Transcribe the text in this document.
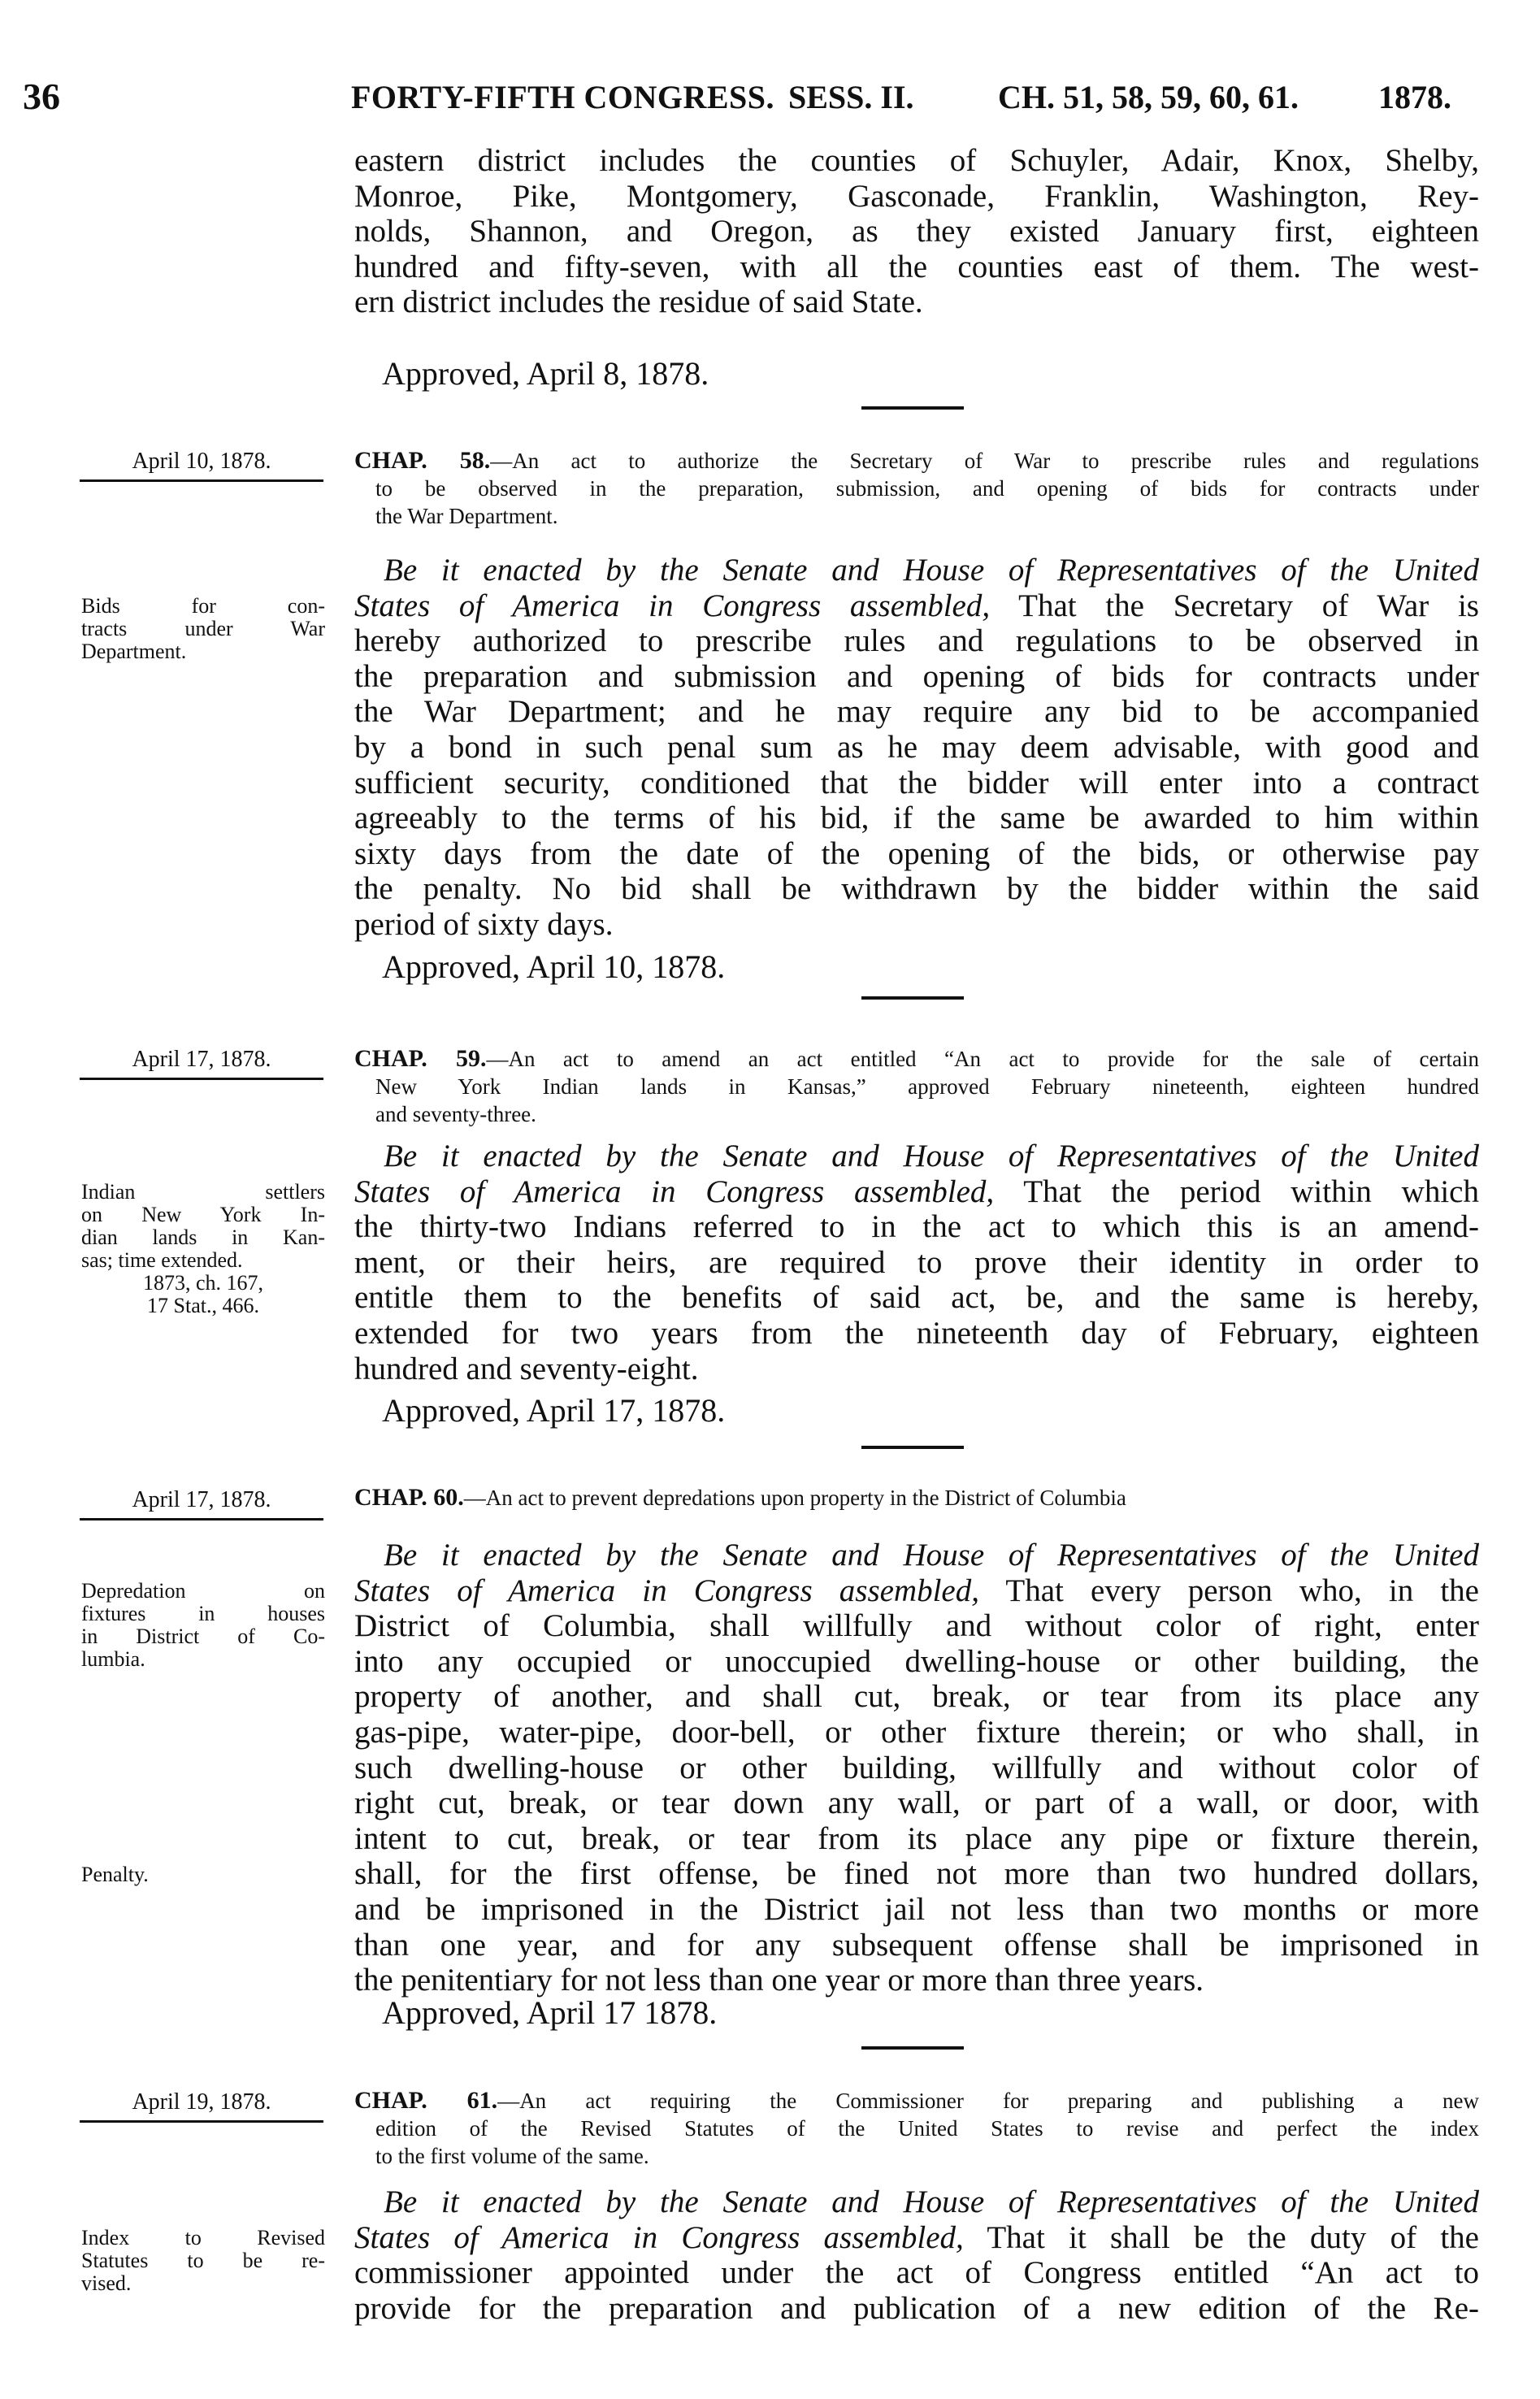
36	FORTY-FIFTH CONGRESS. SESS. II.	CH. 51, 58, 59, 60, 61. 1878.
eastern district includes the counties of Schuyler, Adair, Knox, Shelby,
Monroe, Pike, Montgomery, Gasconade, Franklin, Washington, Rey-
nolds, Shannon, and Oregon, as they existed January first, eighteen
hundred and fifty-seven, with all the counties east of them. The west-
ern district includes the residue of said State.
Approved, April 8, 1878.
April 10, 1878.	CHAP. 58.—An act to authorize the Secretary of War to prescribe rules and regulations
to be observed in the preparation, submission, and opening of bids for contracts under
the War Department.
Be it enacted by the Senate and House of Representatives of the United
States of America in Congress assembled, That the Secretary of War is
hereby authorized to prescribe rules and regulations to be observed in
the preparation and submission and opening of bids for contracts under
the War Department; and he may require any bid to be accompanied
by a bond in such penal sum as he may deem advisable, with good and
sufficient security, conditioned that the bidder will enter into a contract
agreeably to the terms of his bid, if the same be awarded to him within
sixty days from the date of the opening of the bids, or otherwise pay
the penalty. No bid shall be withdrawn by the bidder within the said
period of sixty days.
Bids for con-
tracts under War
Department.
Approved, April 10, 1878.
April 17, 1878.	CHAP. 59.—An act to amend an act entitled “An act to provide for the sale of certain
New York Indian lands in Kansas,” approved February nineteenth, eighteen hundred
and seventy-three.
Be it enacted by the Senate and House of Representatives of the United
States of America in Congress assembled, That the period within which
the thirty-two Indians referred to in the act to which this is an amend-
ment, or their heirs, are required to prove their identity in order to
entitle them to the benefits of said act, be, and the same is hereby,
extended for two years from the nineteenth day of February, eighteen
hundred and seventy-eight.
Indian settlers
on New York In-
dian lands in Kan-
sas; time extended.
1873, ch. 167,
17 Stat., 466.
Approved, April 17, 1878.
April 17, 1878.	CHAP. 60.—An act to prevent depredations upon property in the District of Columbia
Be it enacted by the Senate and House of Representatives of the United
States of America in Congress assembled, That every person who, in the
District of Columbia, shall willfully and without color of right, enter
into any occupied or unoccupied dwelling-house or other building, the
property of another, and shall cut, break, or tear from its place any
gas-pipe, water-pipe, door-bell, or other fixture therein; or who shall, in
such dwelling-house or other building, willfully and without color of
right cut, break, or tear down any wall, or part of a wall, or door, with
intent to cut, break, or tear from its place any pipe or fixture therein,
shall, for the first offense, be fined not more than two hundred dollars,
and be imprisoned in the District jail not less than two months or more
than one year, and for any subsequent offense shall be imprisoned in
the penitentiary for not less than one year or more than three years.
Depredation on
fixtures in houses
in District of Co-
lumbia.
Penalty.
Approved, April 17 1878.
April 19, 1878.	CHAP. 61.—An act requiring the Commissioner for preparing and publishing a new
edition of the Revised Statutes of the United States to revise and perfect the index
to the first volume of the same.
Be it enacted by the Senate and House of Representatives of the United
States of America in Congress assembled, That it shall be the duty of the
commissioner appointed under the act of Congress entitled “An act to
provide for the preparation and publication of a new edition of the Re-
Index to Revised
Statutes to be re-
vised.
